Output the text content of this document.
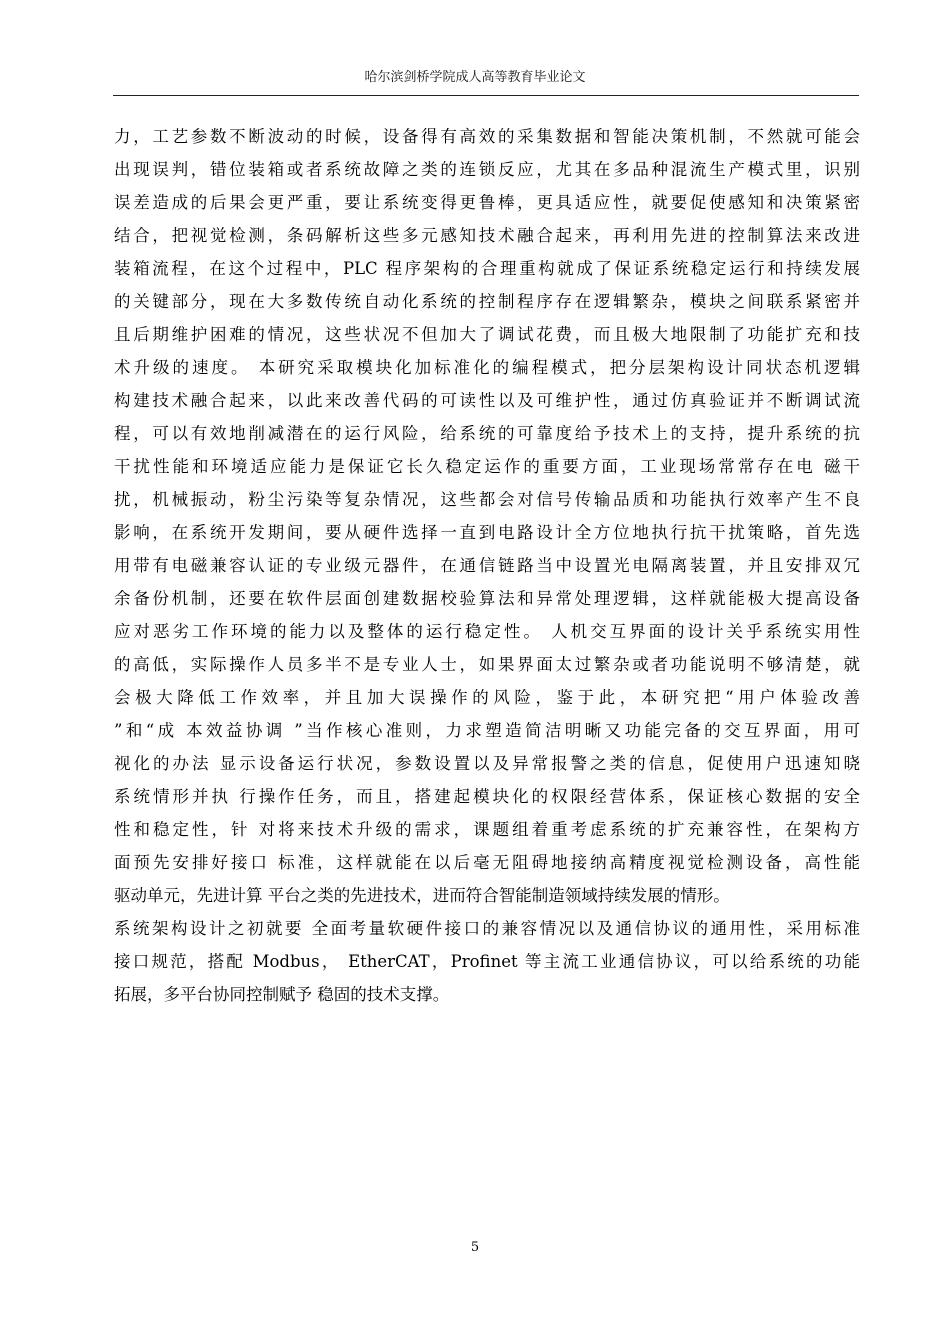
哈尔滨剑桥学院成人高等教育毕业论文
力，工艺参数不断波动的时候，设备得有高效的采集数据和智能决策机制，不然就可能会
出现误判，错位装箱或者系统故障之类的连锁反应，尤其在多品种混流生产模式里，识别
误差造成的后果会更严重，要让系统变得更鲁棒，更具适应性，就要促使感知和决策紧密
结合，把视觉检测，条码解析这些多元感知技术融合起来，再利用先进的控制算法来改进
装箱流程，在这个过程中，PLC 程序架构的合理重构就成了保证系统稳定运行和持续发展
的关键部分，现在大多数传统自动化系统的控制程序存在逻辑繁杂，模块之间联系紧密并
且后期维护困难的情况，这些状况不但加大了调试花费，而且极大地限制了功能扩充和技
术升级的速度。 本研究采取模块化加标准化的编程模式，把分层架构设计同状态机逻辑
构建技术融合起来，以此来改善代码的可读性以及可维护性，通过仿真验证并不断调试流
程，可以有效地削减潜在的运行风险，给系统的可靠度给予技术上的支持，提升系统的抗
干扰性能和环境适应能力是保证它长久稳定运作的重要方面，工业现场常常存在电 磁干
扰，机械振动，粉尘污染等复杂情况，这些都会对信号传输品质和功能执行效率产生不良
影响，在系统开发期间，要从硬件选择一直到电路设计全方位地执行抗干扰策略，首先选
用带有电磁兼容认证的专业级元器件，在通信链路当中设置光电隔离装置，并且安排双冗
余备份机制，还要在软件层面创建数据校验算法和异常处理逻辑，这样就能极大提高设备
应对恶劣工作环境的能力以及整体的运行稳定性。 人机交互界面的设计关乎系统实用性
的高低，实际操作人员多半不是专业人士，如果界面太过繁杂或者功能说明不够清楚，就
会极大降低工作效率，并且加大误操作的风险，鉴于此，本研究把“用户体验改善
”和“成 本效益协调 ”当作核心准则，力求塑造简洁明晰又功能完备的交互界面，用可
视化的办法 显示设备运行状况，参数设置以及异常报警之类的信息，促使用户迅速知晓
系统情形并执 行操作任务，而且，搭建起模块化的权限经营体系，保证核心数据的安全
性和稳定性，针 对将来技术升级的需求，课题组着重考虑系统的扩充兼容性，在架构方
面预先安排好接口 标准，这样就能在以后毫无阻碍地接纳高精度视觉检测设备，高性能
驱动单元，先进计算 平台之类的先进技术，进而符合智能制造领域持续发展的情形。
系统架构设计之初就要 全面考量软硬件接口的兼容情况以及通信协议的通用性，采用标准
接口规范，搭配 Modbus， EtherCAT，Profinet 等主流工业通信协议，可以给系统的功能
拓展，多平台协同控制赋予 稳固的技术支撑。
5
